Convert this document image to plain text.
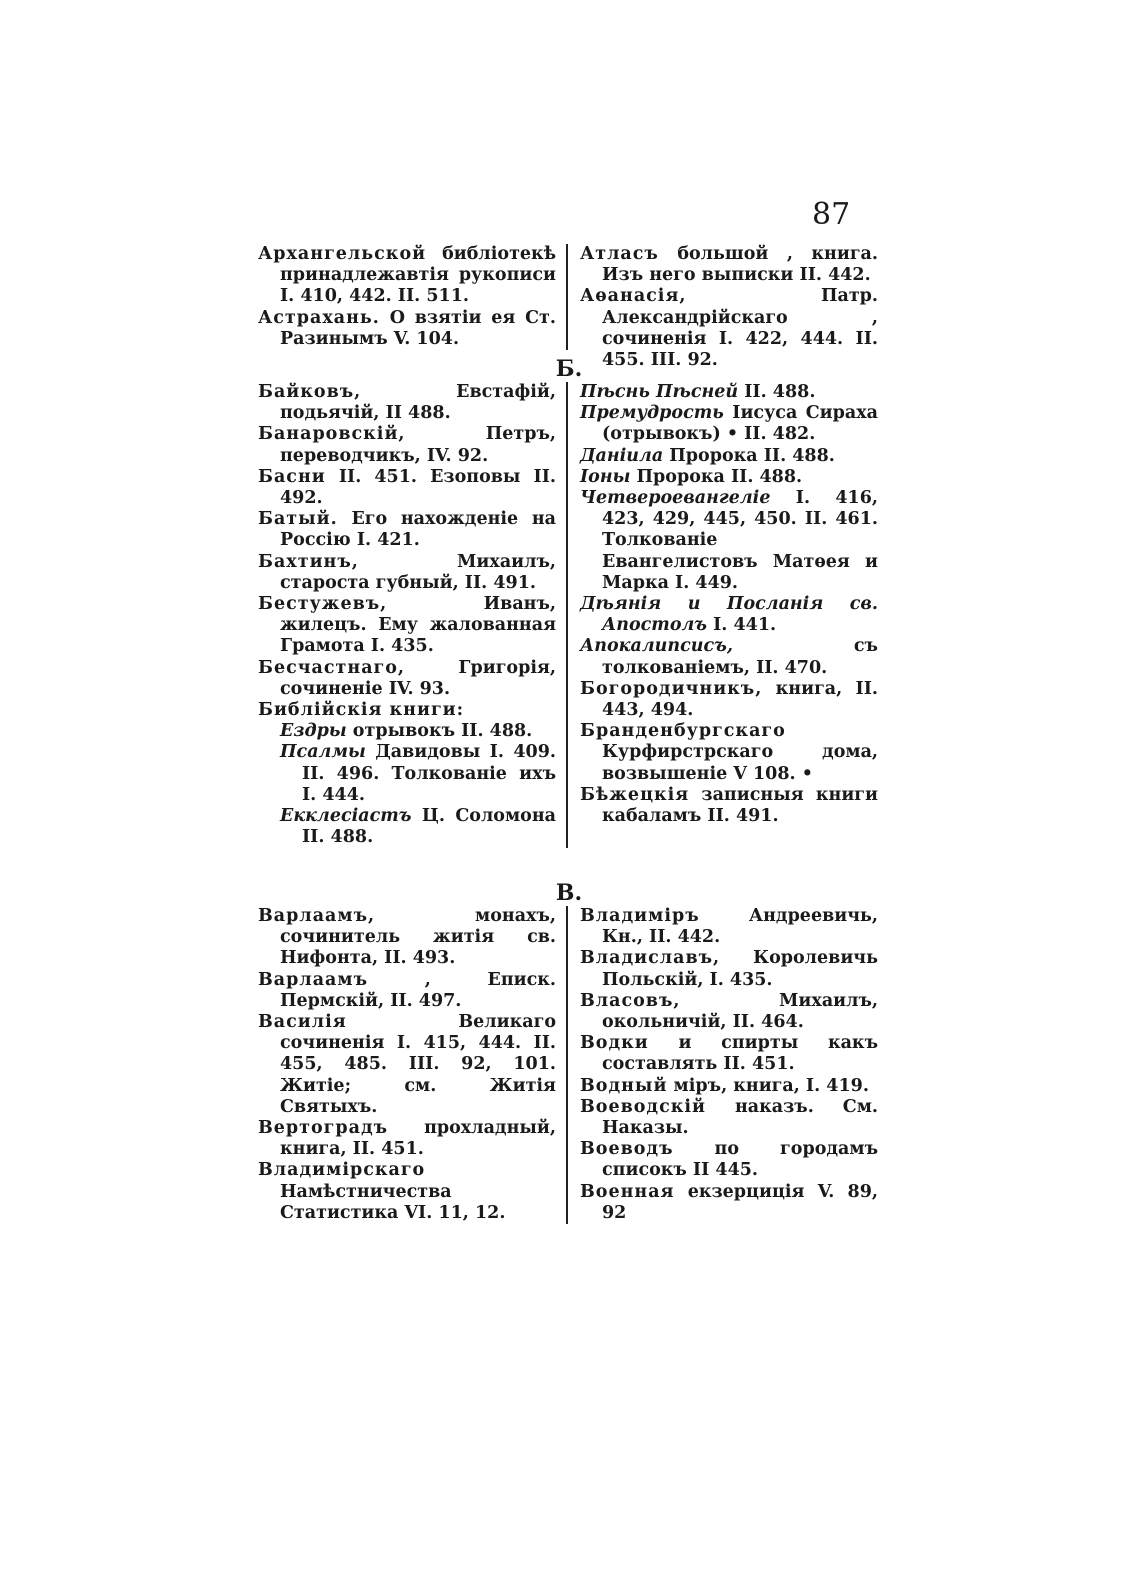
87

Архангельской библіотекѣ принадлежавтія рукописи I. 410, 442. II. 511.

Астрахань. О взятіи ея Ст. Разинымъ V. 104.

Атласъ большой , книга. Изъ него выписки II. 442.

Аѳанасія, Патр. Александрійскаго , сочиненія I. 422, 444. II. 455. III. 92.

Б.

Байковъ, Евстафій, подьячій, II 488.

Банаровскій, Петръ, переводчикъ, IV. 92.

Басни II. 451. Езоповы II. 492.

Батый. Его нахожденіе на Россію I. 421.

Бахтинъ, Михаилъ, староста губный, II. 491.

Бестужевъ, Иванъ, жилецъ. Ему жалованная Грамота I. 435.

Бесчастнаго, Григорія, сочиненіе IV. 93.

Библійскія книги:

Ездры отрывокъ II. 488.

Псалмы Давидовы I. 409. II. 496. Толкованіе ихъ I. 444.

Екклесіастъ Ц. Соломона II. 488.

Пѣснь Пѣсней II. 488.

Премудрость Іисуса Сираха (отрывокъ) • II. 482.

Даніила Пророка II. 488.

Іоны Пророка II. 488.

Четвероевангеліе I. 416, 423, 429, 445, 450. II. 461. Толкованіе Евангелистовъ Матѳея и Марка I. 449.

Дѣянія и Посланія св. Апостолъ I. 441.

Апокалипсисъ, съ толкованіемъ, II. 470.

Богородичникъ, книга, II. 443, 494.

Бранденбургскаго Курфирстрскаго дома, возвышеніе V 108. •

Бѣжецкія записныя книги кабаламъ II. 491.

В.

Варлаамъ, монахъ, сочинитель житія св. Нифонта, II. 493.

Варлаамъ , Еписк. Пермскій, II. 497.

Василія Великаго сочиненія I. 415, 444. II. 455, 485. III. 92, 101. Житіе; см. Житія Святыхъ.

Вертоградъ прохладный, книга, II. 451.

Владимірскаго Намѣстничества Статистика VI. 11, 12.

Владиміръ Андреевичь, Кн., II. 442.

Владиславъ, Королевичь Польскій, I. 435.

Власовъ, Михаилъ, окольничій, II. 464.

Водки и спирты какъ составлять II. 451.

Водный міръ, книга, I. 419.

Воеводскій наказъ. См. Наказы.

Воеводъ по городамъ списокъ II 445.

Военная екзерциція V. 89, 92
